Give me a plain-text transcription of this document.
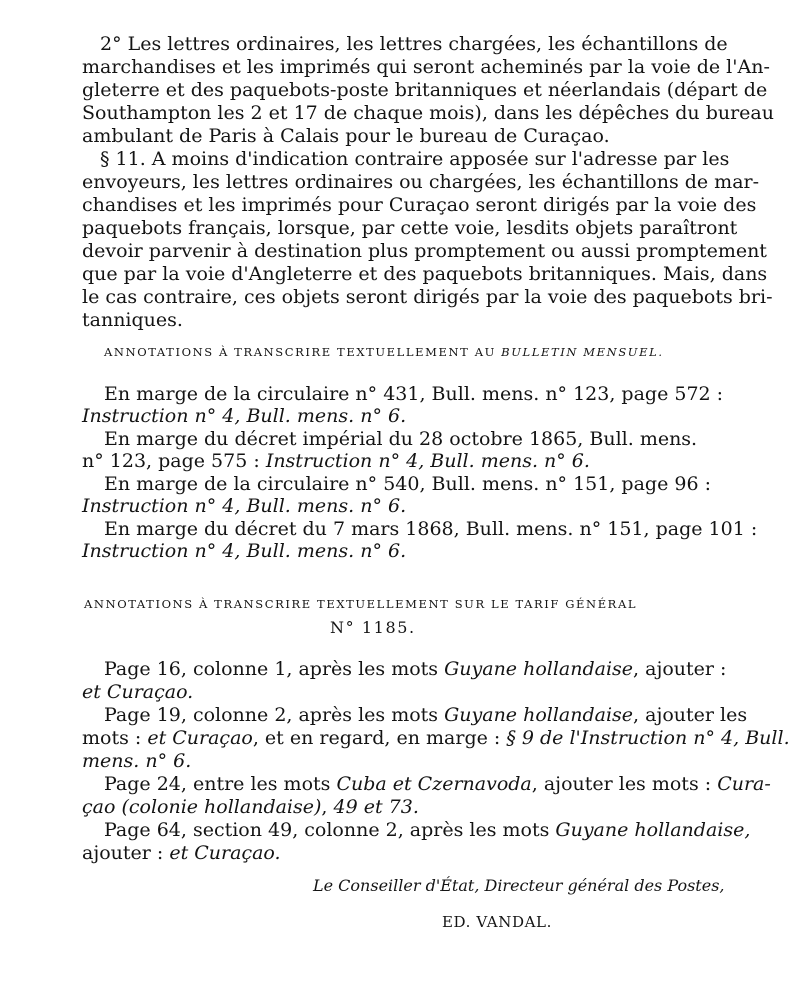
2° Les lettres ordinaires, les lettres chargées, les échantillons de
marchandises et les imprimés qui seront acheminés par la voie de l'An-
gleterre et des paquebots-poste britanniques et néerlandais (départ de
Southampton les 2 et 17 de chaque mois), dans les dépêches du bureau
ambulant de Paris à Calais pour le bureau de Curaçao.
§ 11. A moins d'indication contraire apposée sur l'adresse par les
envoyeurs, les lettres ordinaires ou chargées, les échantillons de mar-
chandises et les imprimés pour Curaçao seront dirigés par la voie des
paquebots français, lorsque, par cette voie, lesdits objets paraîtront
devoir parvenir à destination plus promptement ou aussi promptement
que par la voie d'Angleterre et des paquebots britanniques. Mais, dans
le cas contraire, ces objets seront dirigés par la voie des paquebots bri-
ANNOTATIONS À TRANSCRIRE TEXTUELLEMENT AU BULLETIN MENSUEL.
En marge de la circulaire n° 431, Bull. mens. n° 123, page 572 :
Instruction n° 4, Bull. mens. n° 6.
En marge du décret impérial du 28 octobre 1865, Bull. mens.
n° 123, page 575 : Instruction n° 4, Bull. mens. n° 6.
En marge de la circulaire n° 540, Bull. mens. n° 151, page 96 :
Instruction n° 4, Bull. mens. n° 6.
En marge du décret du 7 mars 1868, Bull. mens. n° 151, page 101 :
Instruction n° 4, Bull. mens. n° 6.
ANNOTATIONS À TRANSCRIRE TEXTUELLEMENT SUR LE TARIF GÉNÉRAL
N° 1185.
Page 16, colonne 1, après les mots Guyane hollandaise, ajouter :
et Curaçao.
Page 19, colonne 2, après les mots Guyane hollandaise, ajouter les
mots : et Curaçao, et en regard, en marge : § 9 de l'Instruction n° 4, Bull.
mens. n° 6.
Page 24, entre les mots Cuba et Czernavoda, ajouter les mots : Cura-
çao (colonie hollandaise), 49 et 73.
Page 64, section 49, colonne 2, après les mots Guyane hollandaise,
ajouter : et Curaçao.
Le Conseiller d'État, Directeur général des Postes,
ED. VANDAL.
tanniques.
